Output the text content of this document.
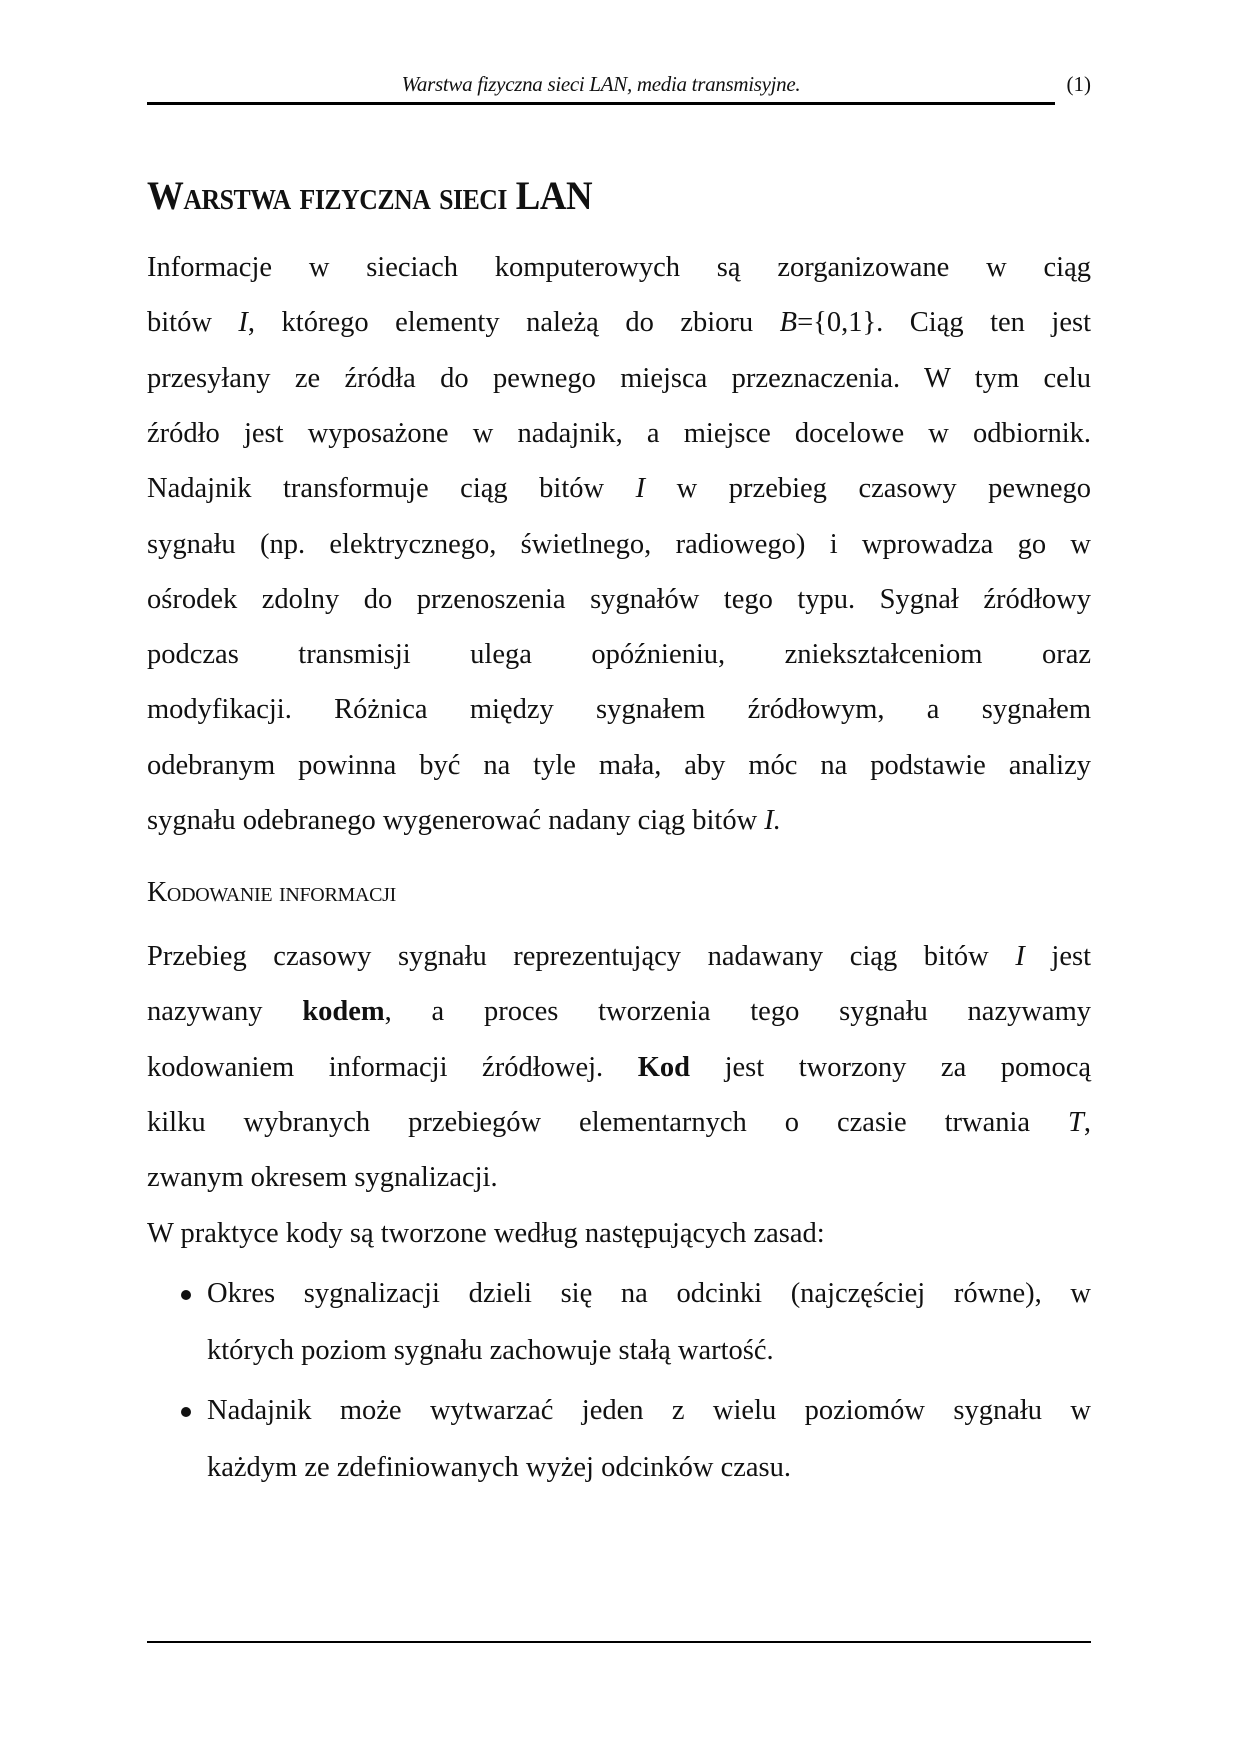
Warstwa fizyczna sieci LAN, media transmisyjne.	(1)
Warstwa fizyczna sieci LAN
Informacje w sieciach komputerowych są zorganizowane w ciąg
bitów I, którego elementy należą do zbioru B={0,1}. Ciąg ten jest
przesyłany ze źródła do pewnego miejsca przeznaczenia. W tym celu
źródło jest wyposażone w nadajnik, a miejsce docelowe w odbiornik.
Nadajnik transformuje ciąg bitów I w przebieg czasowy pewnego
sygnału (np. elektrycznego, świetlnego, radiowego) i wprowadza go w
ośrodek zdolny do przenoszenia sygnałów tego typu. Sygnał źródłowy
podczas transmisji ulega opóźnieniu, zniekształceniom oraz
modyfikacji. Różnica między sygnałem źródłowym, a sygnałem
odebranym powinna być na tyle mała, aby móc na podstawie analizy
sygnału odebranego wygenerować nadany ciąg bitów I.
Kodowanie informacji
Przebieg czasowy sygnału reprezentujący nadawany ciąg bitów I jest
nazywany kodem, a proces tworzenia tego sygnału nazywamy
kodowaniem informacji źródłowej. Kod jest tworzony za pomocą
kilku wybranych przebiegów elementarnych o czasie trwania T,
zwanym okresem sygnalizacji.
W praktyce kody są tworzone według następujących zasad:
Okres sygnalizacji dzieli się na odcinki (najczęściej równe), w
których poziom sygnału zachowuje stałą wartość.
Nadajnik może wytwarzać jeden z wielu poziomów sygnału w
każdym ze zdefiniowanych wyżej odcinków czasu.
